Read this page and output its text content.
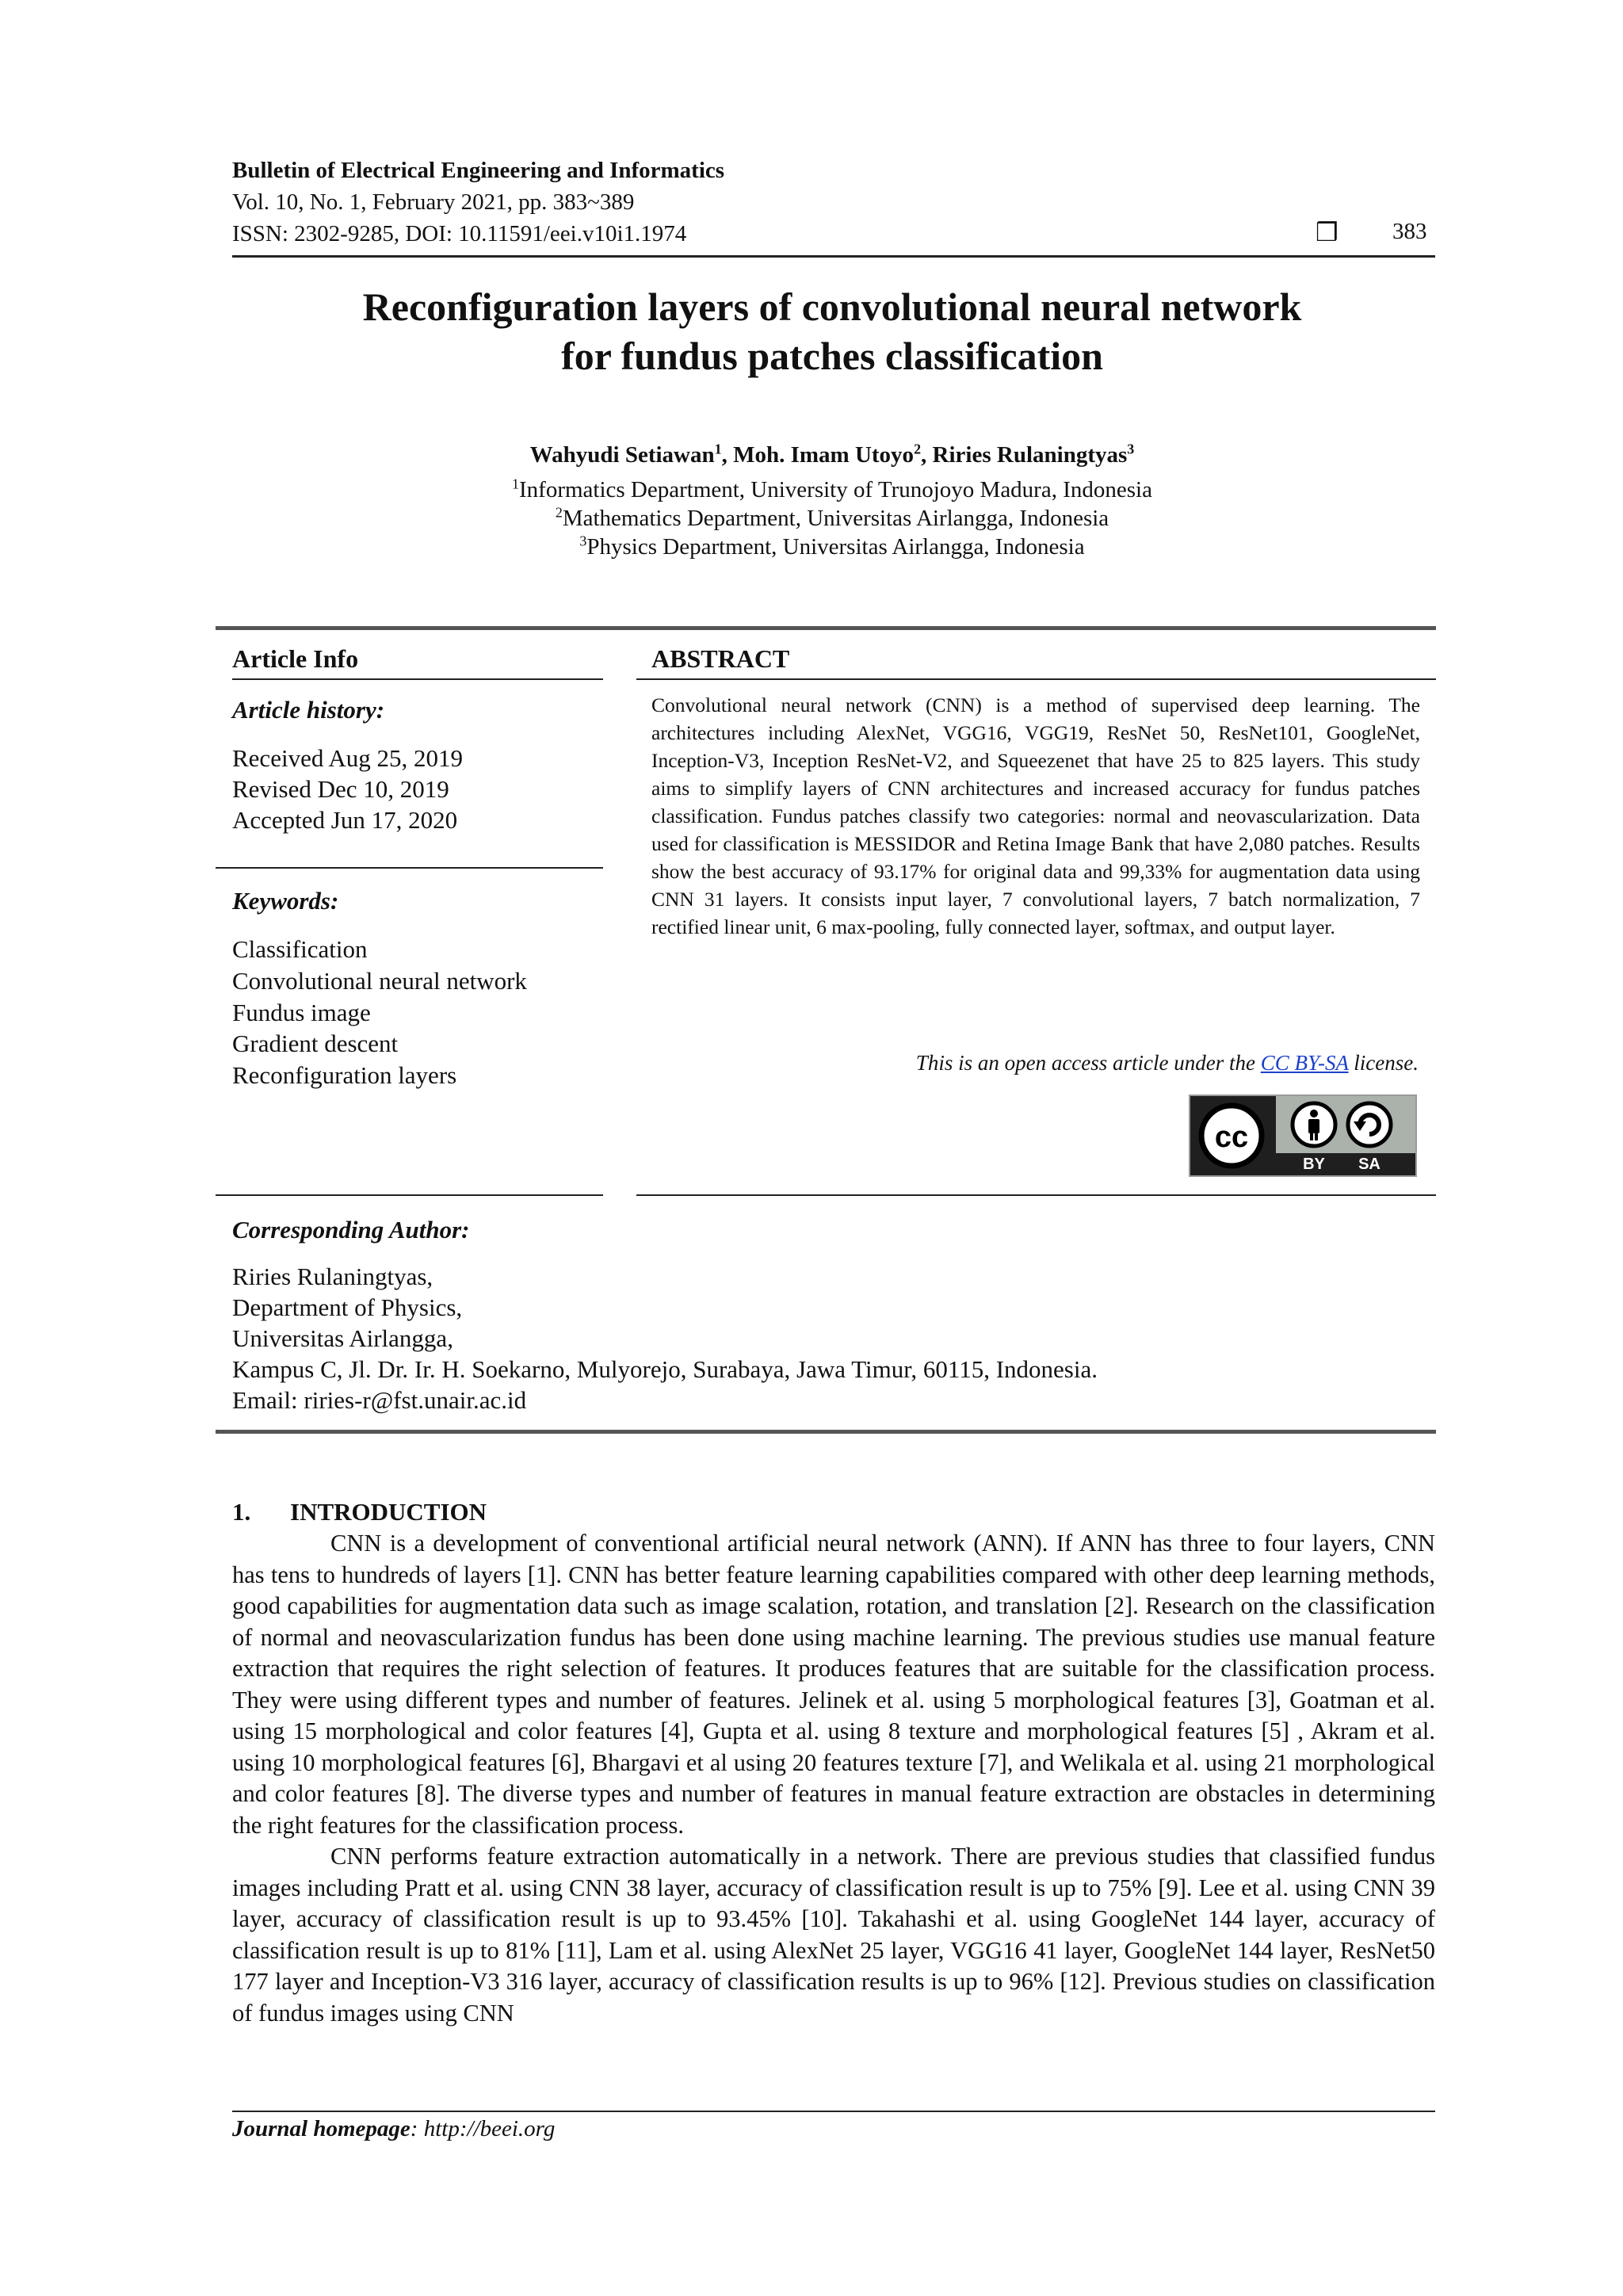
Bulletin of Electrical Engineering and Informatics
Vol. 10, No. 1, February 2021, pp. 383~389
ISSN: 2302-9285, DOI: 10.11591/eei.v10i1.1974	❒ 383
Reconfiguration layers of convolutional neural network
for fundus patches classification
Wahyudi Setiawan$^1$, Moh. Imam Utoyo$^2$, Riries Rulaningtyas$^3$
$^1$Informatics Department, University of Trunojoyo Madura, Indonesia
$^2$Mathematics Department, Universitas Airlangga, Indonesia
$^3$Physics Department, Universitas Airlangga, Indonesia
Article Info
Article history:
Received Aug 25, 2019
Revised Dec 10, 2019
Accepted Jun 17, 2020
Keywords:
Classification
Convolutional neural network
Fundus image
Gradient descent
Reconfiguration layers
ABSTRACT
Convolutional neural network (CNN) is a method of supervised deep learning. The architectures including AlexNet, VGG16, VGG19, ResNet 50, ResNet101, GoogleNet, Inception-V3, Inception ResNet-V2, and Squeezenet that have 25 to 825 layers. This study aims to simplify layers of CNN architectures and increased accuracy for fundus patches classification. Fundus patches classify two categories: normal and neovascularization. Data used for classification is MESSIDOR and Retina Image Bank that have 2,080 patches. Results show the best accuracy of 93.17% for original data and 99,33% for augmentation data using CNN 31 layers. It consists input layer, 7 convolutional layers, 7 batch normalization, 7 rectified linear unit, 6 max-pooling, fully connected layer, softmax, and output layer.
This is an open access article under the CC BY-SA license.
cc
BY SA
Corresponding Author:
Riries Rulaningtyas,
Department of Physics,
Universitas Airlangga,
Kampus C, Jl. Dr. Ir. H. Soekarno, Mulyorejo, Surabaya, Jawa Timur, 60115, Indonesia.
Email: riries-r@fst.unair.ac.id
1. INTRODUCTION

CNN is a development of conventional artificial neural network (ANN). If ANN has three to four layers, CNN has tens to hundreds of layers [1]. CNN has better feature learning capabilities compared with other deep learning methods, good capabilities for augmentation data such as image scalation, rotation, and translation [2]. Research on the classification of normal and neovascularization fundus has been done using machine learning. The previous studies use manual feature extraction that requires the right selection of features. It produces features that are suitable for the classification process. They were using different types and number of features. Jelinek et al. using 5 morphological features [3], Goatman et al. using 15 morphological and color features [4], Gupta et al. using 8 texture and morphological features [5] , Akram et al. using 10 morphological features [6], Bhargavi et al using 20 features texture [7], and Welikala et al. using 21 morphological and color features [8]. The diverse types and number of features in manual feature extraction are obstacles in determining the right features for the classification process.

CNN performs feature extraction automatically in a network. There are previous studies that classified fundus images including Pratt et al. using CNN 38 layer, accuracy of classification result is up to 75% [9]. Lee et al. using CNN 39 layer, accuracy of classification result is up to 93.45% [10]. Takahashi et al. using GoogleNet 144 layer, accuracy of classification result is up to 81% [11], Lam et al. using AlexNet 25 layer, VGG16 41 layer, GoogleNet 144 layer, ResNet50 177 layer and Inception-V3 316 layer, accuracy of classification results is up to 96% [12]. Previous studies on classification of fundus images using CNN

Journal homepage: http://beei.org
